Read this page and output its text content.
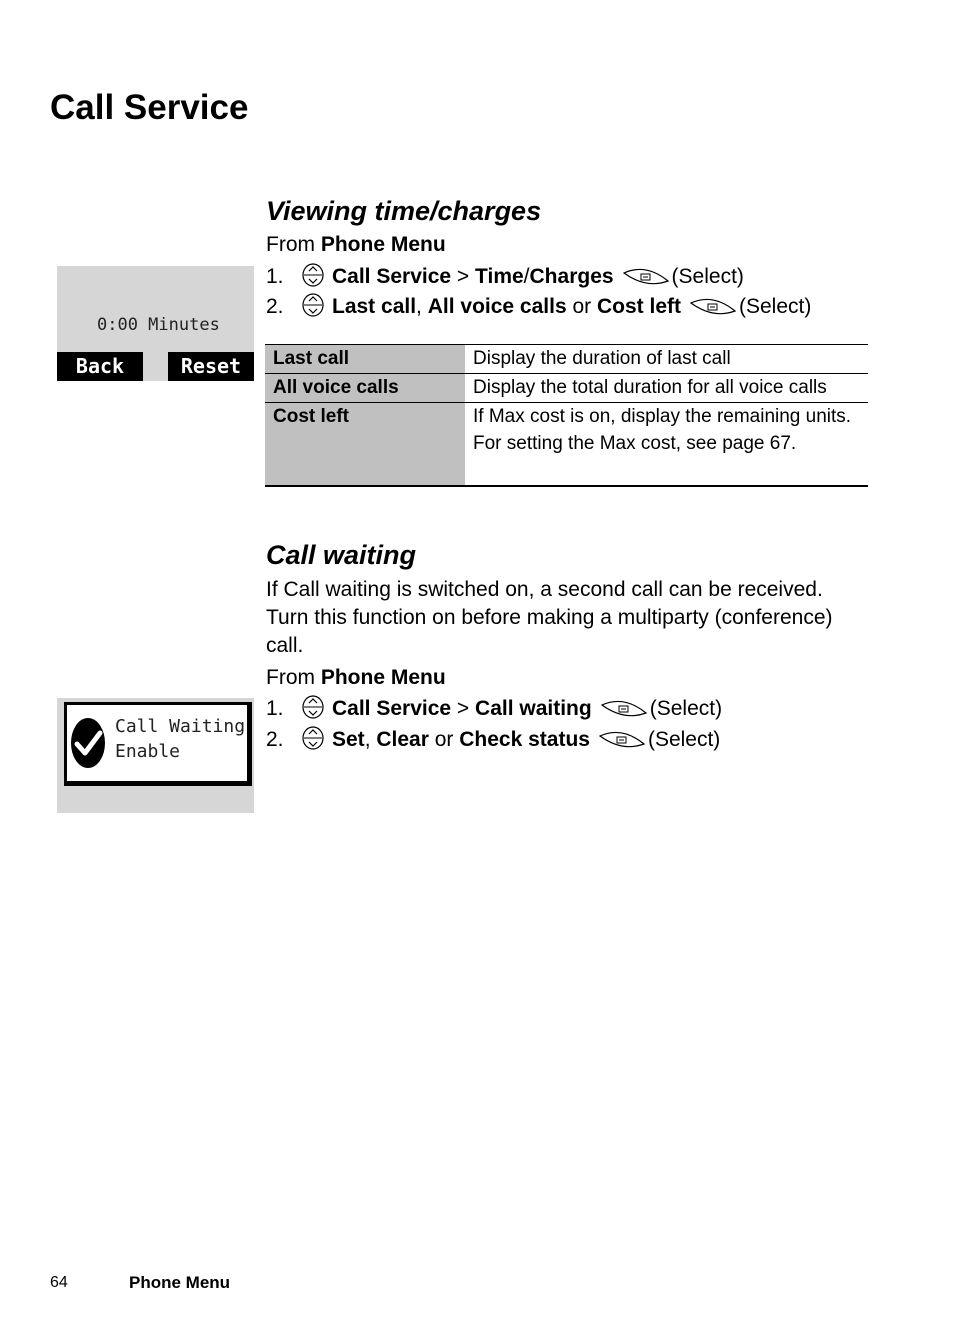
Call Service
Viewing time/charges
From Phone Menu
1. Call Service > Time/Charges	(Select)
2. Last call, All voice calls or Cost left	(Select)
Last call	Display the duration of last call
All voice calls	Display the total duration for all voice calls
Cost left	If Max cost is on, display the remaining units.
For setting the Max cost, see page 67.
0:00 Minutes
Back	Reset
Call waiting
If Call waiting is switched on, a second call can be received.
Turn this function on before making a multiparty (conference)
call.
From Phone Menu
1. Call Service > Call waiting	(Select)
2. Set, Clear or Check status	(Select)
Call Waiting
Enable
64	Phone Menu
